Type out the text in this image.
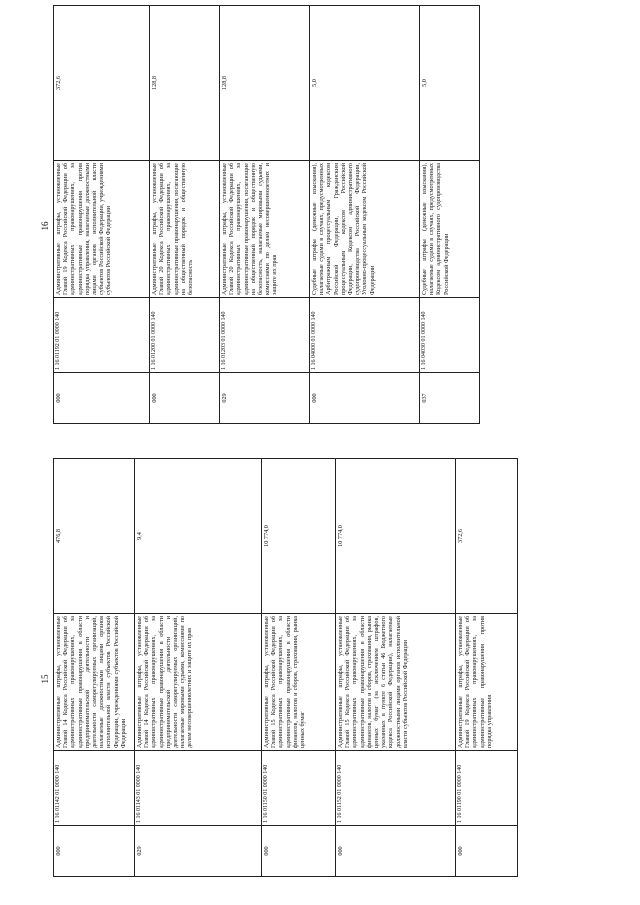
15
000	1 16 01142 01 0000 140	Административные штрафы, установленные Главой 14 Кодекса Российской Федерации об административных правонарушениях, за административные правонарушения в области предпринимательской деятельности и деятельности саморегулируемых организаций, налагаемые должностными лицами органов исполнительной власти субъектов Российской Федерации, учреждениями субъектов Российской Федерации	476,8
029	1 16 01143 01 0000 140	Административные штрафы, установленные Главой 14 Кодекса Российской Федерации об административных правонарушениях, за административные правонарушения в области предпринимательской деятельности и деятельности саморегулируемых организаций, налагаемые мировыми судьями, комиссиями по делам несовершеннолетних и защите их прав	9,4
000	1 16 01150 01 0000 140	Административные штрафы, установленные Главой 15 Кодекса Российской Федерации об административных правонарушениях, за административные правонарушения в области финансов, налогов и сборов, страхования, рынка ценных бумаг	10 774,0
000	1 16 01152 01 0000 140	Административные штрафы, установленные Главой 15 Кодекса Российской Федерации об административных правонарушениях, за административные правонарушения в области финансов, налогов и сборов, страхования, рынка ценных бумаг (за исключением штрафов, указанных в пункте 6 статьи 46 Бюджетного кодекса Российской Федерации), налагаемые должностными лицами органов исполнительной власти субъектов Российской Федерации	10 774,0
000	1 16 01190 01 0000 140	Административные штрафы, установленные Главой 19 Кодекса Российской Федерации об административных правонарушениях, за административные правонарушения против порядка управления	372,6
16
000	1 16 01192 01 0000 140	Административные штрафы, установленные Главой 19 Кодекса Российской Федерации об административных правонарушениях, за административные правонарушения против порядка управления, налагаемые должностными лицами органов исполнительной власти субъектов Российской Федерации, учреждениями субъектов Российской Федерации	372,6
000	1 16 01200 01 0000 140	Административные штрафы, установленные Главой 20 Кодекса Российской Федерации об административных правонарушениях, за административные правонарушения, посягающие на общественный порядок и общественную безопасность	128,8
029	1 16 01203 01 0000 140	Административные штрафы, установленные Главой 20 Кодекса Российской Федерации об административных правонарушениях, за административные правонарушения, посягающие на общественный порядок и общественную безопасность, налагаемые мировыми судьями, комиссиями по делам несовершеннолетних и защите их прав	128,8
000	1 16 04000 01 0000 140	Судебные штрафы (денежные взыскания), налагаемые судами в случаях, предусмотренных Арбитражным процессуальным кодексом Российской Федерации, Гражданским процессуальным кодексом Российской Федерации, Кодексом административного судопроизводства Российской Федерации, Уголовно-процессуальным кодексом Российской Федерации	5,0
037	1 16 04030 01 0000 140	Судебные штрафы (денежные взыскания), налагаемые судами в случаях, предусмотренных Кодексом административного судопроизводства Российской Федерации	5,0
